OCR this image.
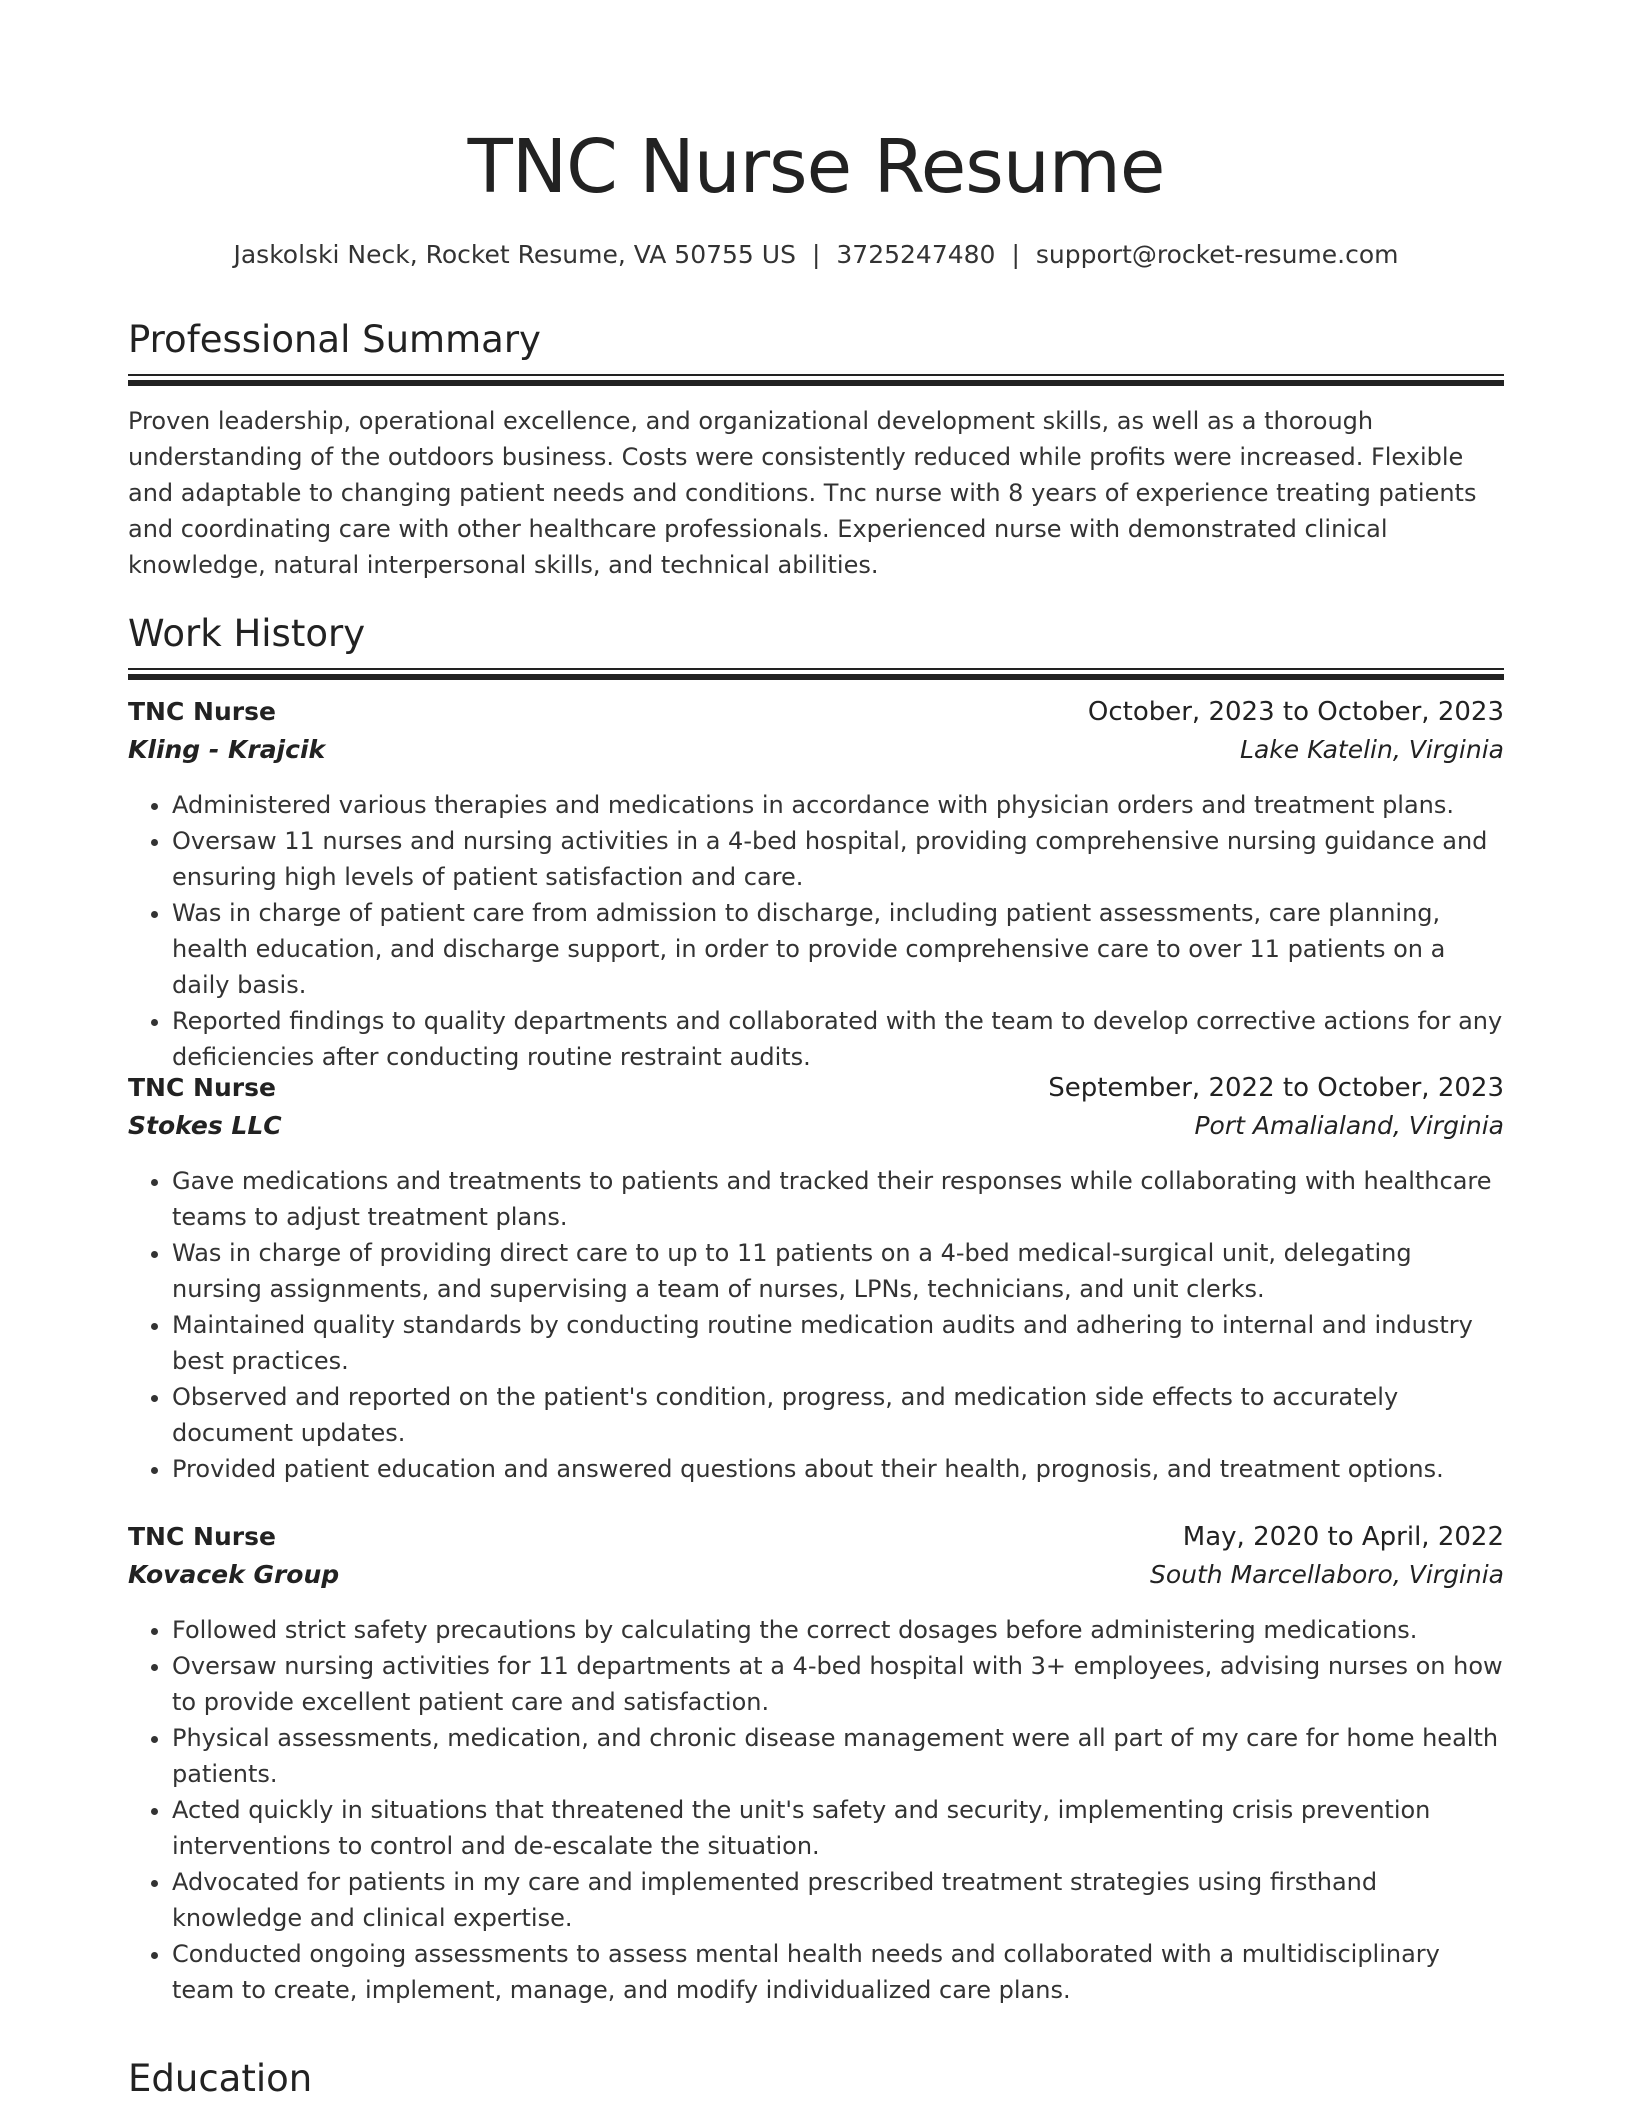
TNC Nurse Resume
Jaskolski Neck, Rocket Resume, VA 50755 US | 3725247480 | support@rocket-resume.com
Professional Summary

Proven leadership, operational excellence, and organizational development skills, as well as a thorough understanding of the outdoors business. Costs were consistently reduced while profits were increased. Flexible and adaptable to changing patient needs and conditions. Tnc nurse with 8 years of experience treating patients and coordinating care with other healthcare professionals. Experienced nurse with demonstrated clinical knowledge, natural interpersonal skills, and technical abilities.

Work History
TNC Nurse	October, 2023 to October, 2023
Kling - Krajcik	Lake Katelin, Virginia
• Administered various therapies and medications in accordance with physician orders and treatment plans.
• Oversaw 11 nurses and nursing activities in a 4-bed hospital, providing comprehensive nursing guidance and ensuring high levels of patient satisfaction and care.
• Was in charge of patient care from admission to discharge, including patient assessments, care planning, health education, and discharge support, in order to provide comprehensive care to over 11 patients on a daily basis.
• Reported findings to quality departments and collaborated with the team to develop corrective actions for any deficiencies after conducting routine restraint audits.
TNC Nurse	September, 2022 to October, 2023
Stokes LLC	Port Amalialand, Virginia
• Gave medications and treatments to patients and tracked their responses while collaborating with healthcare teams to adjust treatment plans.
• Was in charge of providing direct care to up to 11 patients on a 4-bed medical-surgical unit, delegating nursing assignments, and supervising a team of nurses, LPNs, technicians, and unit clerks.
• Maintained quality standards by conducting routine medication audits and adhering to internal and industry best practices.
• Observed and reported on the patient's condition, progress, and medication side effects to accurately document updates.
• Provided patient education and answered questions about their health, prognosis, and treatment options.
TNC Nurse	May, 2020 to April, 2022
Kovacek Group	South Marcellaboro, Virginia
• Followed strict safety precautions by calculating the correct dosages before administering medications.
• Oversaw nursing activities for 11 departments at a 4-bed hospital with 3+ employees, advising nurses on how to provide excellent patient care and satisfaction.
• Physical assessments, medication, and chronic disease management were all part of my care for home health patients.
• Acted quickly in situations that threatened the unit's safety and security, implementing crisis prevention interventions to control and de-escalate the situation.
• Advocated for patients in my care and implemented prescribed treatment strategies using firsthand knowledge and clinical expertise.
• Conducted ongoing assessments to assess mental health needs and collaborated with a multidisciplinary team to create, implement, manage, and modify individualized care plans.
Education
